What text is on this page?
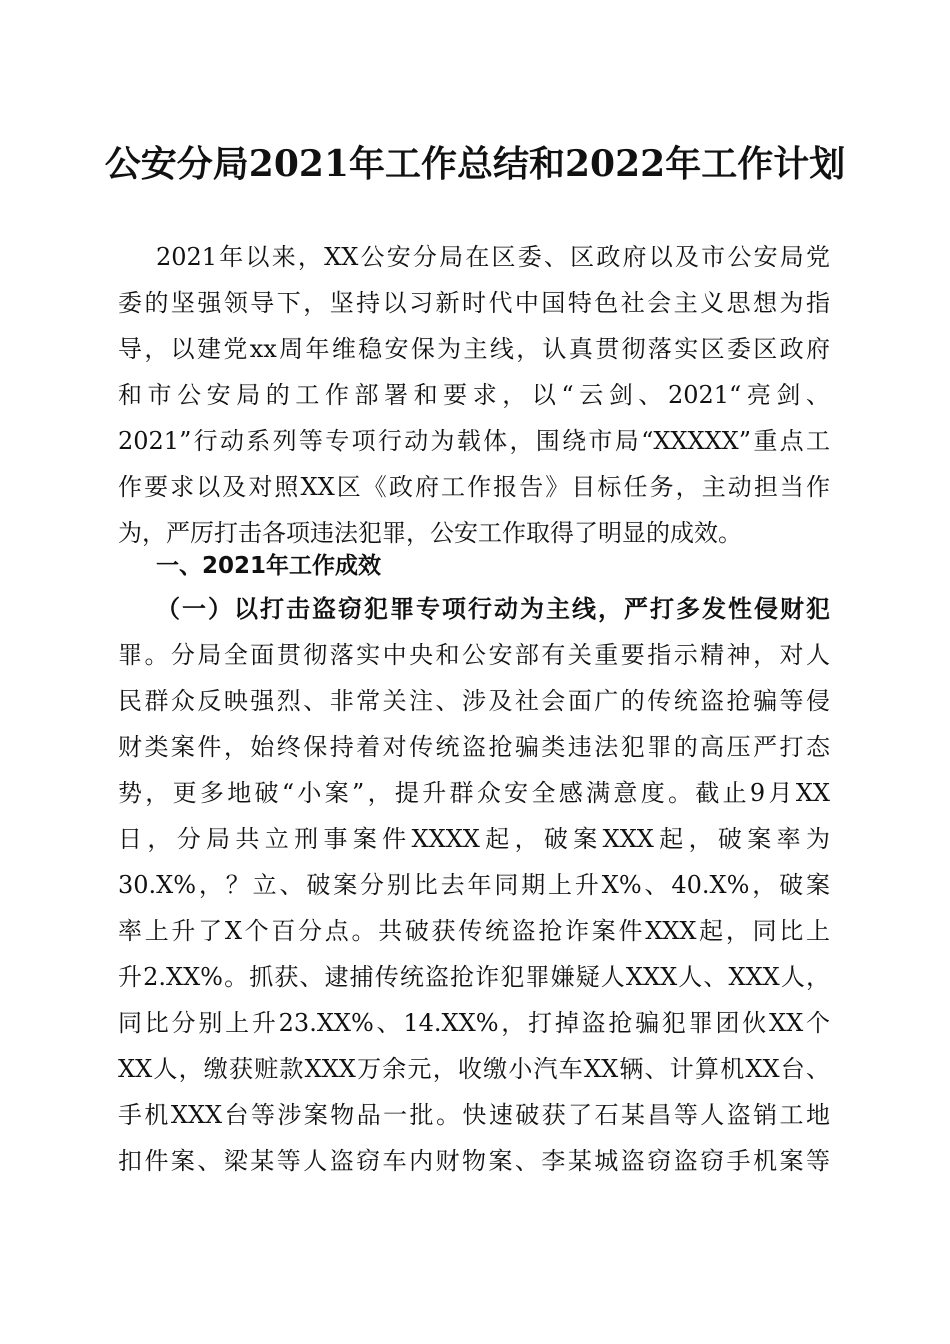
公安分局2021年工作总结和2022年工作计划
2021年以来，XX公安分局在区委、区政府以及市公安局党
委的坚强领导下，坚持以习新时代中国特色社会主义思想为指
导，以建党xx周年维稳安保为主线，认真贯彻落实区委区政府
和市公安局的工作部署和要求，以“云剑、2021“亮剑、
2021”行动系列等专项行动为载体，围绕市局“XXXXX”重点工
作要求以及对照XX区《政府工作报告》目标任务，主动担当作
为，严厉打击各项违法犯罪，公安工作取得了明显的成效。
一、2021年工作成效
（一）以打击盗窃犯罪专项行动为主线，严打多发性侵财犯
罪。分局全面贯彻落实中央和公安部有关重要指示精神，对人
民群众反映强烈、非常关注、涉及社会面广的传统盗抢骗等侵
财类案件，始终保持着对传统盗抢骗类违法犯罪的高压严打态
势，更多地破“小案”，提升群众安全感满意度。截止9月XX
日，分局共立刑事案件XXXX起，破案XXX起，破案率为
30.X%，？立、破案分别比去年同期上升X%、40.X%，破案
率上升了X个百分点。共破获传统盗抢诈案件XXX起，同比上
升2.XX%。抓获、逮捕传统盗抢诈犯罪嫌疑人XXX人、XXX人，
同比分别上升23.XX%、14.XX%，打掉盗抢骗犯罪团伙XX个
XX人，缴获赃款XXX万余元，收缴小汽车XX辆、计算机XX台、
手机XXX台等涉案物品一批。快速破获了石某昌等人盗销工地
扣件案、梁某等人盗窃车内财物案、李某城盗窃盗窃手机案等
